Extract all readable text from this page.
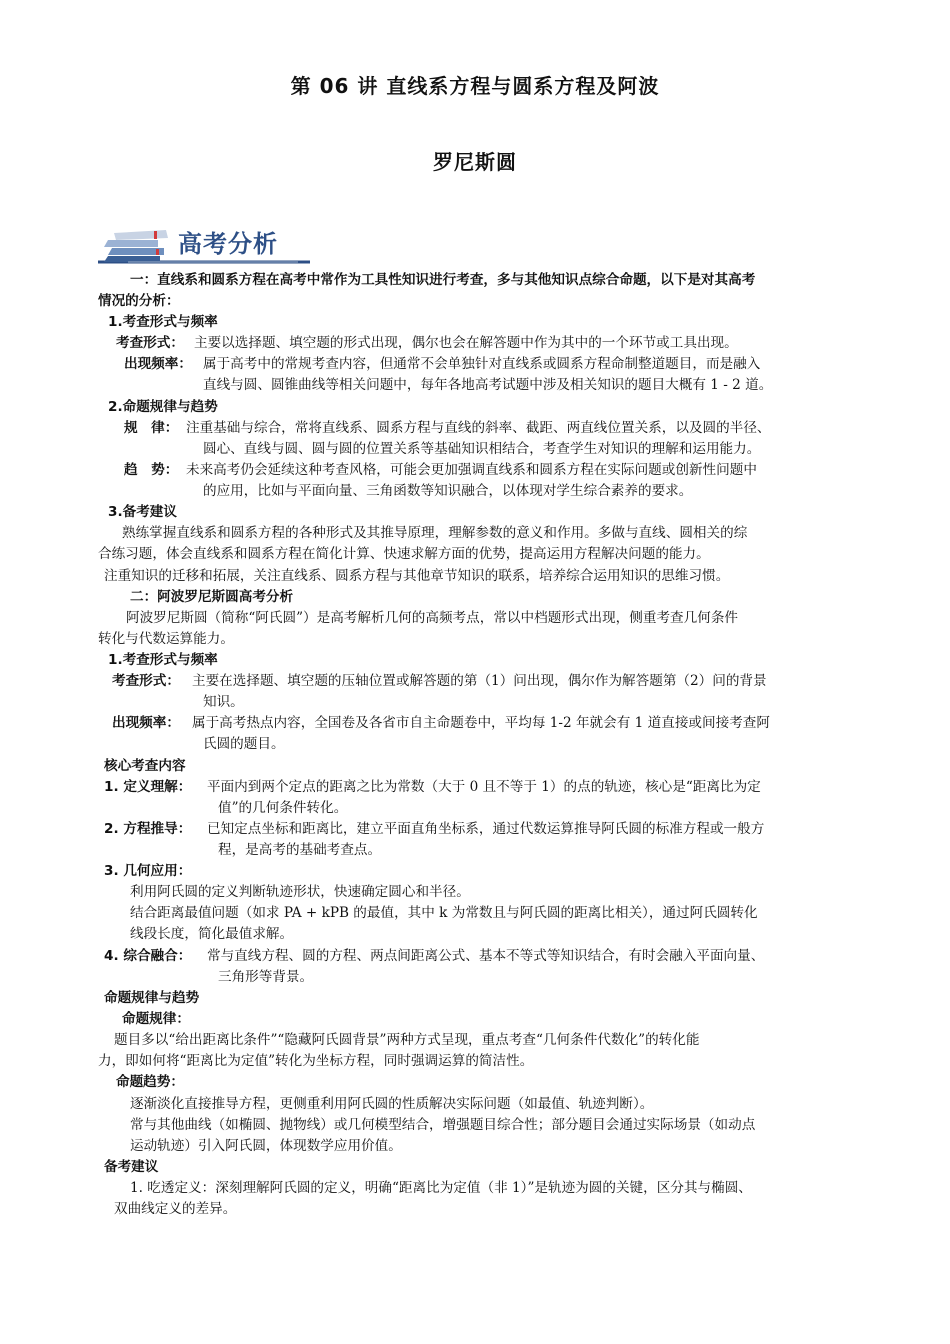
第 06 讲 直线系方程与圆系方程及阿波
罗尼斯圆
高考分析
一：直线系和圆系方程在高考中常作为工具性知识进行考查，多与其他知识点综合命题，以下是对其高考
情况的分析：
1.考查形式与频率
考查形式： 主要以选择题、填空题的形式出现，偶尔也会在解答题中作为其中的一个环节或工具出现。
出现频率： 属于高考中的常规考查内容，但通常不会单独针对直线系或圆系方程命制整道题目，而是融入
直线与圆、圆锥曲线等相关问题中，每年各地高考试题中涉及相关知识的题目大概有 1 - 2 道。
2.命题规律与趋势
规　律： 注重基础与综合，常将直线系、圆系方程与直线的斜率、截距、两直线位置关系，以及圆的半径、
圆心、直线与圆、圆与圆的位置关系等基础知识相结合，考查学生对知识的理解和运用能力。
趋　势： 未来高考仍会延续这种考查风格，可能会更加强调直线系和圆系方程在实际问题或创新性问题中
的应用，比如与平面向量、三角函数等知识融合，以体现对学生综合素养的要求。
3.备考建议
熟练掌握直线系和圆系方程的各种形式及其推导原理，理解参数的意义和作用。多做与直线、圆相关的综
合练习题，体会直线系和圆系方程在简化计算、快速求解方面的优势，提高运用方程解决问题的能力。
注重知识的迁移和拓展，关注直线系、圆系方程与其他章节知识的联系，培养综合运用知识的思维习惯。
二：阿波罗尼斯圆高考分析
阿波罗尼斯圆（简称“阿氏圆”）是高考解析几何的高频考点，常以中档题形式出现，侧重考查几何条件
转化与代数运算能力。
1.考查形式与频率
考查形式： 主要在选择题、填空题的压轴位置或解答题的第（1）问出现，偶尔作为解答题第（2）问的背景
知识。
出现频率： 属于高考热点内容，全国卷及各省市自主命题卷中，平均每 1-2 年就会有 1 道直接或间接考查阿
氏圆的题目。
核心考查内容
1. 定义理解： 平面内到两个定点的距离之比为常数（大于 0 且不等于 1）的点的轨迹，核心是“距离比为定
值”的几何条件转化。
2. 方程推导： 已知定点坐标和距离比，建立平面直角坐标系，通过代数运算推导阿氏圆的标准方程或一般方
程，是高考的基础考查点。
3. 几何应用：
利用阿氏圆的定义判断轨迹形状，快速确定圆心和半径。
结合距离最值问题（如求 PA + kPB 的最值，其中 k 为常数且与阿氏圆的距离比相关），通过阿氏圆转化
线段长度，简化最值求解。
4. 综合融合： 常与直线方程、圆的方程、两点间距离公式、基本不等式等知识结合，有时会融入平面向量、
三角形等背景。
命题规律与趋势
命题规律：
题目多以“给出距离比条件”“隐藏阿氏圆背景”两种方式呈现，重点考查“几何条件代数化”的转化能
力，即如何将“距离比为定值”转化为坐标方程，同时强调运算的简洁性。
命题趋势：
逐渐淡化直接推导方程，更侧重利用阿氏圆的性质解决实际问题（如最值、轨迹判断）。
常与其他曲线（如椭圆、抛物线）或几何模型结合，增强题目综合性；部分题目会通过实际场景（如动点
运动轨迹）引入阿氏圆，体现数学应用价值。
备考建议
1. 吃透定义：深刻理解阿氏圆的定义，明确“距离比为定值（非 1）”是轨迹为圆的关键，区分其与椭圆、
双曲线定义的差异。
